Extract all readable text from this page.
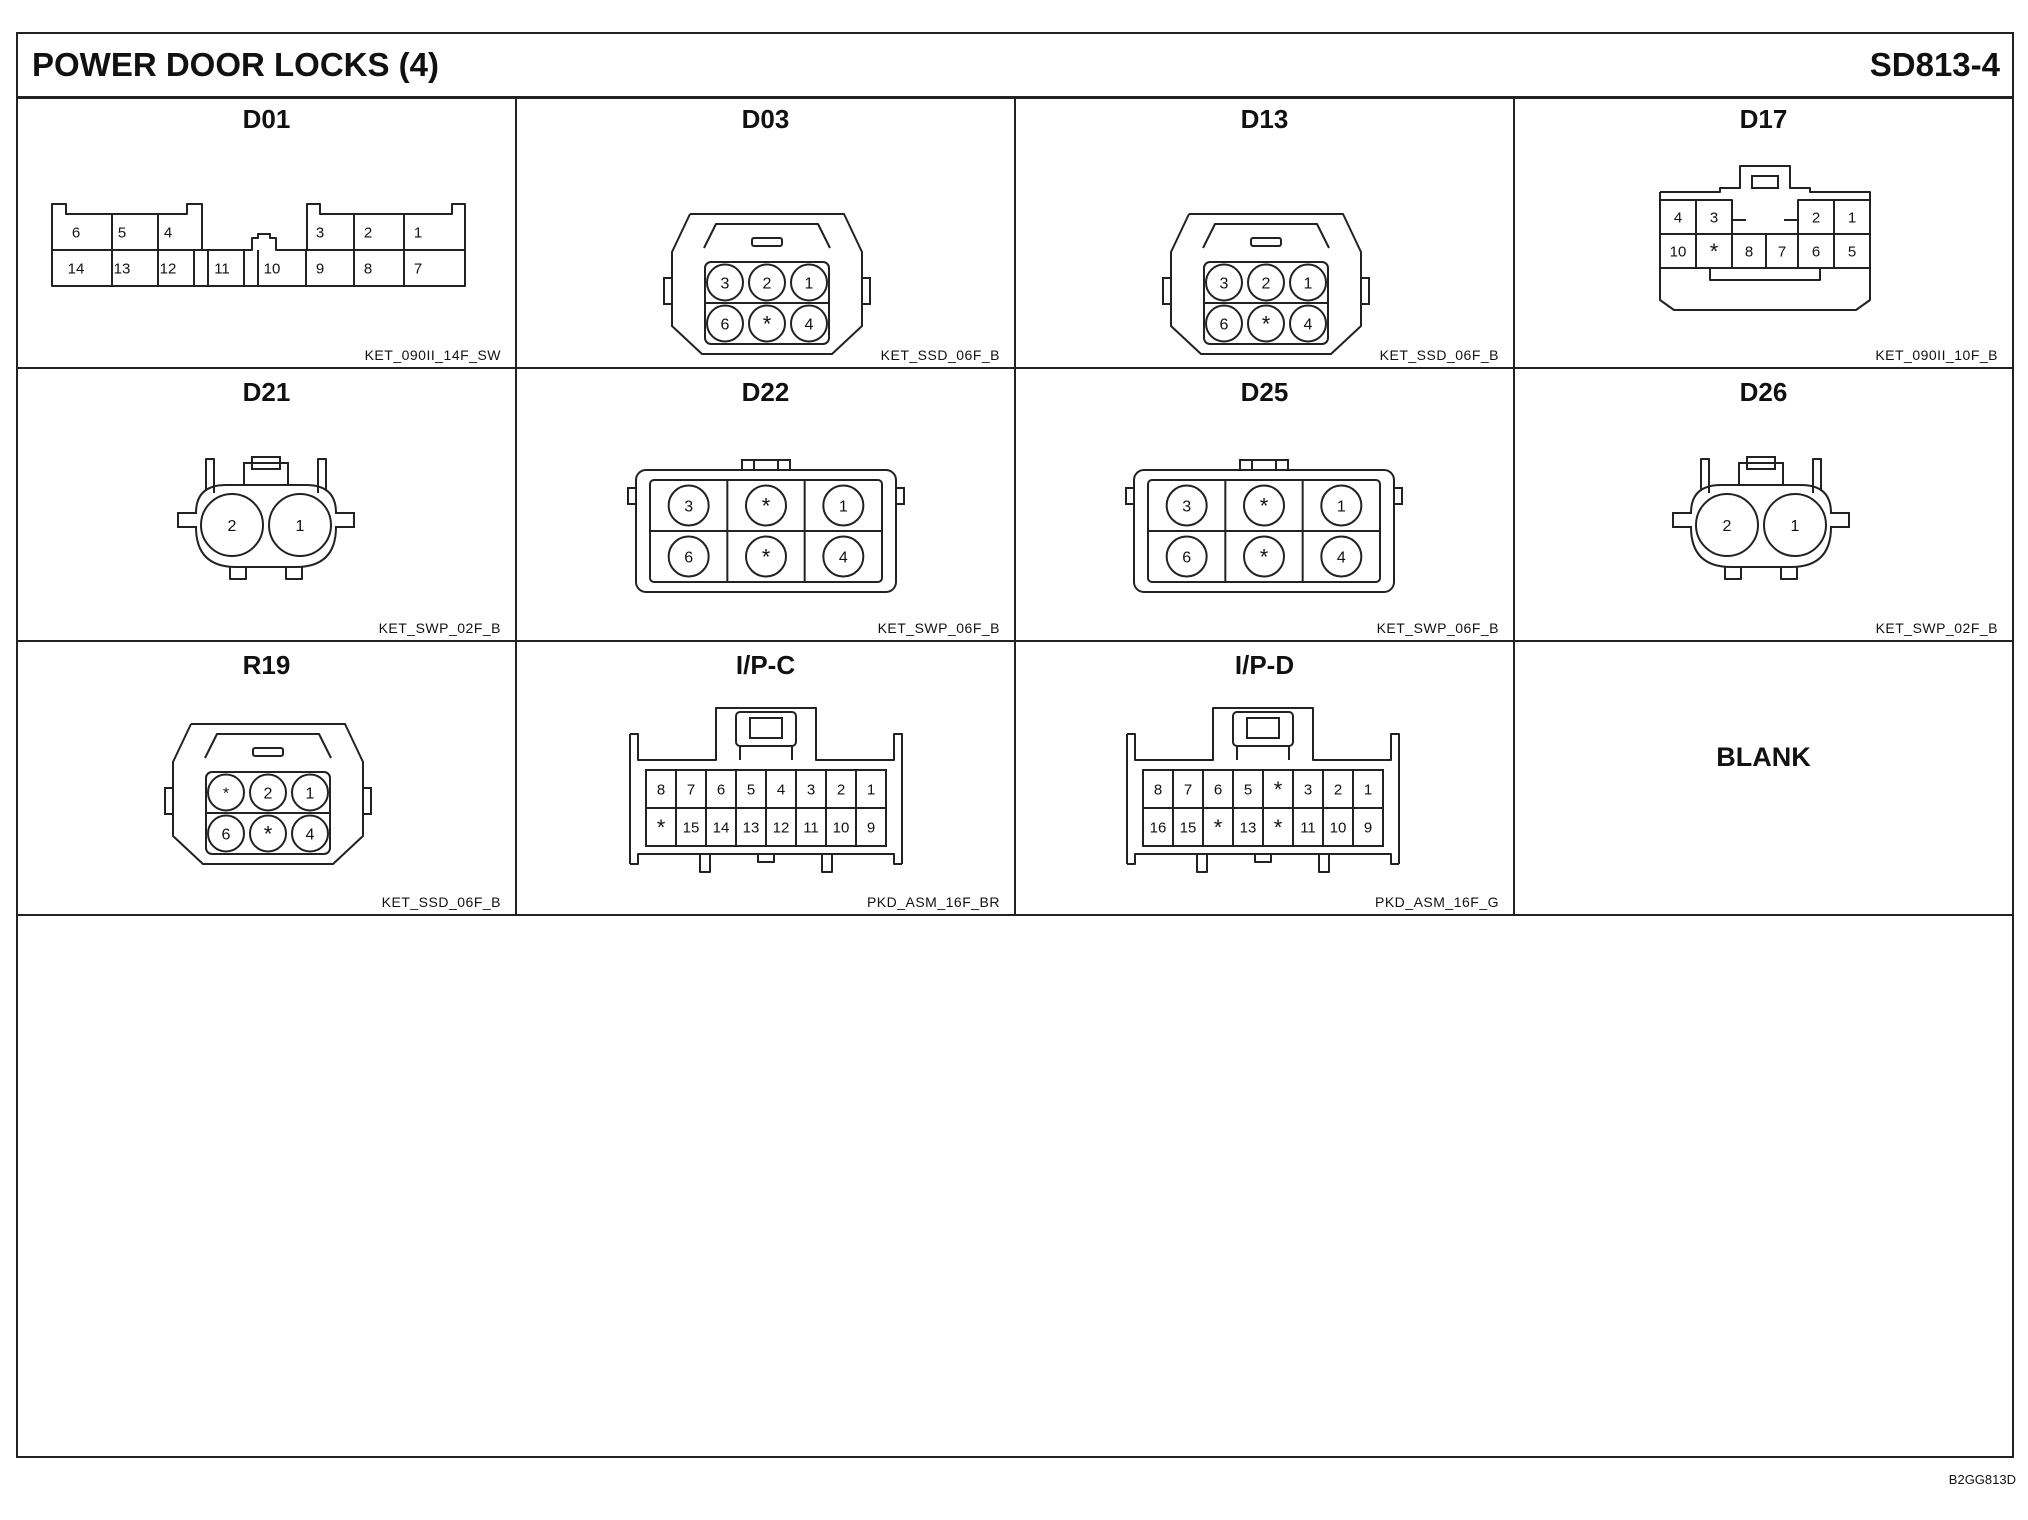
POWER DOOR LOCKS (4)	SD813-4
D01
6	5	4	3	2	1
14 13 12	11 10 9	8	7
KET_090II_14F_SW
D03
3 2 1
6 * 4
KET_SSD_06F_B
D13
3 2 1
6 * 4
KET_SSD_06F_B
D17
4 3	2 1
10 * 8 7 6 5
KET_090II_10F_B
D21
2	1
KET_SWP_02F_B
D22
3	*	1
6	*	4
KET_SWP_06F_B
D25
3	*	1
6	*	4
KET_SWP_06F_B
D26
2	1
KET_SWP_02F_B
R19
* 2 1
6 * 4
KET_SSD_06F_B
I/P-C
8 7 6 5 4 3 2 1
* 15 14 13 12 11 10 9
PKD_ASM_16F_BR
I/P-D
8 7 6 5 * 3 2 1
16 15 * 13 * 11 10 9
PKD_ASM_16F_G
BLANK
B2GG813D
